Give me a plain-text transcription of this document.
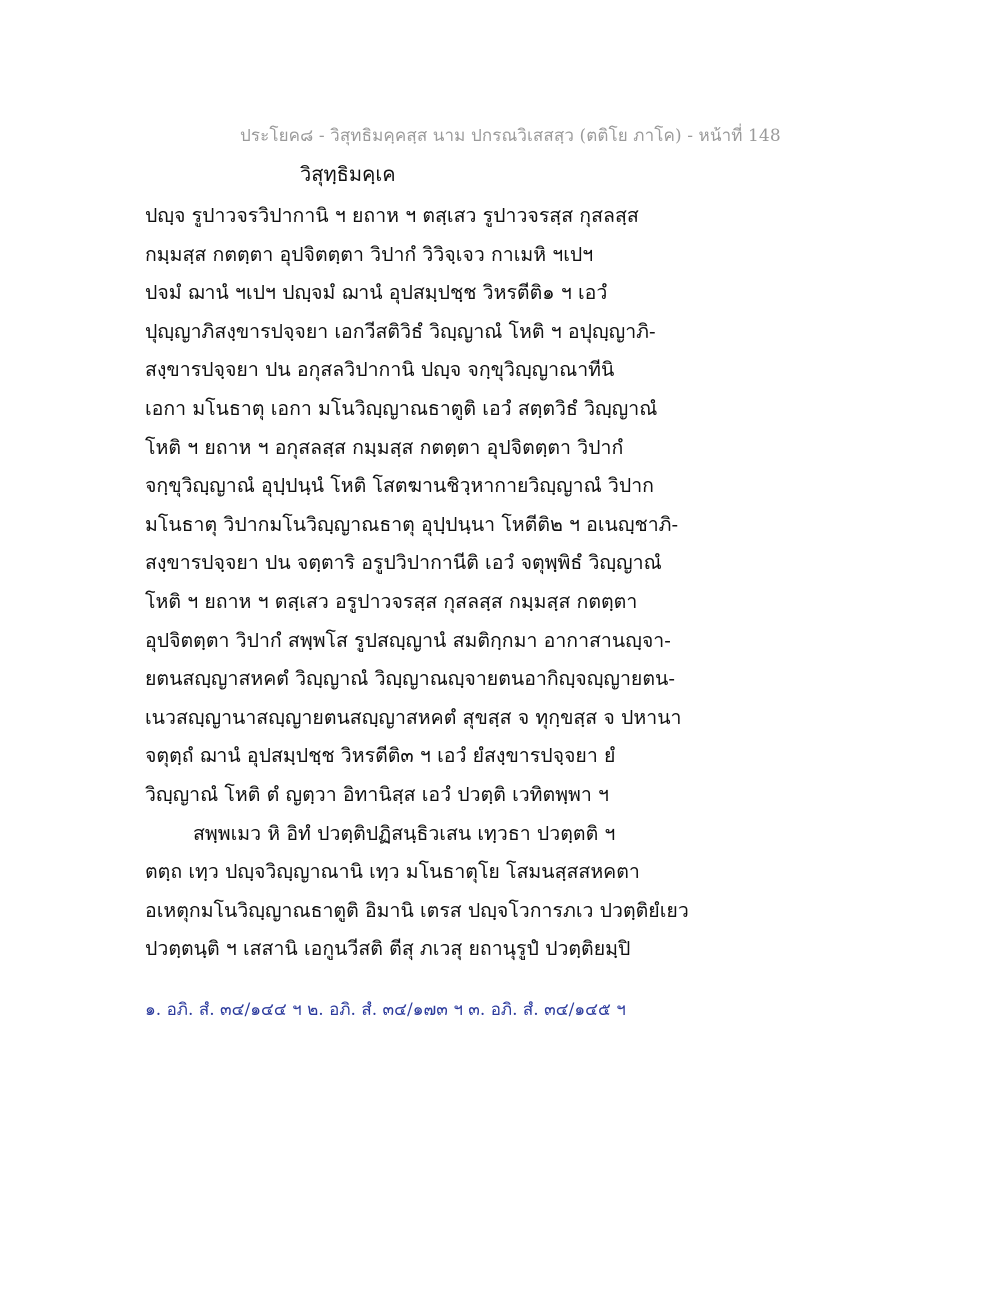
ประโยค๘ - วิสุทธิมคฺคสฺส นาม ปกรณวิเสสสฺว (ตติโย ภาโค) - หน้าที่ 148
วิสุทฺธิมคฺเค
ปญฺจ รูปาวจรวิปากานิ ฯ ยถาห ฯ ตสฺเสว รูปาวจรสฺส กุสลสฺส
กมฺมสฺส กตตฺตา อุปจิตตฺตา วิปากํ วิวิจฺเจว กาเมหิ ฯเปฯ
ปจมํ ฌานํ ฯเปฯ ปญฺจมํ ฌานํ อุปสมฺปชฺช วิหรตีติ๑ ฯ เอวํ
ปุญฺญาภิสงฺขารปจฺจยา เอกวีสติวิธํ วิญฺญาณํ โหติ ฯ อปุญฺญาภิ-
สงฺขารปจฺจยา ปน อกุสลวิปากานิ ปญฺจ จกฺขุวิญฺญาณาทีนิ
เอกา มโนธาตุ เอกา มโนวิญฺญาณธาตูติ เอวํ สตฺตวิธํ วิญฺญาณํ
โหติ ฯ ยถาห ฯ อกุสลสฺส กมฺมสฺส กตตฺตา อุปจิตตฺตา วิปากํ
จกฺขุวิญฺญาณํ อุปฺปนฺนํ โหติ โสตฆานชิวฺหากายวิญฺญาณํ วิปาก
มโนธาตุ วิปากมโนวิญฺญาณธาตุ อุปฺปนฺนา โหตีติ๒ ฯ อเนญฺชาภิ-
สงฺขารปจฺจยา ปน จตฺตาริ อรูปวิปากานีติ เอวํ จตุพฺพิธํ วิญฺญาณํ
โหติ ฯ ยถาห ฯ ตสฺเสว อรูปาวจรสฺส กุสลสฺส กมฺมสฺส กตตฺตา
อุปจิตตฺตา วิปากํ สพฺพโส รูปสญฺญานํ สมติกฺกมา อากาสานญฺจา-
ยตนสญฺญาสหคตํ วิญฺญาณํ วิญฺญาณญฺจายตนอากิญฺจญฺญายตน-
เนวสญฺญานาสญฺญายตนสญฺญาสหคตํ สุขสฺส จ ทุกฺขสฺส จ ปหานา
จตุตฺถํ ฌานํ อุปสมฺปชฺช วิหรตีติ๓ ฯ เอวํ ยํสงฺขารปจฺจยา ยํ
วิญฺญาณํ โหติ ตํ ญตฺวา อิทานิสฺส เอวํ ปวตฺติ เวทิตพฺพา ฯ
สพฺพเมว หิ อิทํ ปวตฺติปฏิสนฺธิวเสน เทฺวธา ปวตฺตติ ฯ
ตตฺถ เทฺว ปญฺจวิญฺญาณานิ เทฺว มโนธาตุโย โสมนสฺสสหคตา
อเหตุกมโนวิญฺญาณธาตูติ อิมานิ เตรส ปญฺจโวการภเว ปวตฺติยํเยว
ปวตฺตนฺติ ฯ เสสานิ เอกูนวีสติ ตีสุ ภเวสุ ยถานุรูปํ ปวตฺติยมฺปิ
๑. อภิ. สํ. ๓๔/๑๔๔ ฯ ๒. อภิ. สํ. ๓๔/๑๗๓ ฯ ๓. อภิ. สํ. ๓๔/๑๔๕ ฯ
